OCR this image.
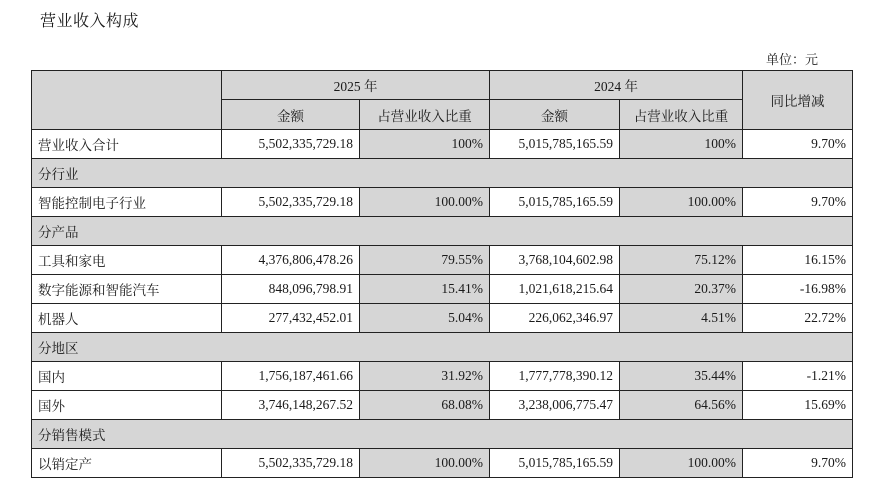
营业收入构成
单位：元
	2025 年		2024 年		同比增减
	金额	占营业收入比重	金额	占营业收入比重	
营业收入合计	5,502,335,729.18	100%	5,015,785,165.59	100%	9.70%
分行业					
智能控制电子行业	5,502,335,729.18	100.00%	5,015,785,165.59	100.00%	9.70%
分产品					
工具和家电	4,376,806,478.26	79.55%	3,768,104,602.98	75.12%	16.15%
数字能源和智能汽车	848,096,798.91	15.41%	1,021,618,215.64	20.37%	-16.98%
机器人	277,432,452.01	5.04%	226,062,346.97	4.51%	22.72%
分地区					
国内	1,756,187,461.66	31.92%	1,777,778,390.12	35.44%	-1.21%
国外	3,746,148,267.52	68.08%	3,238,006,775.47	64.56%	15.69%
分销售模式					
以销定产	5,502,335,729.18	100.00%	5,015,785,165.59	100.00%	9.70%
